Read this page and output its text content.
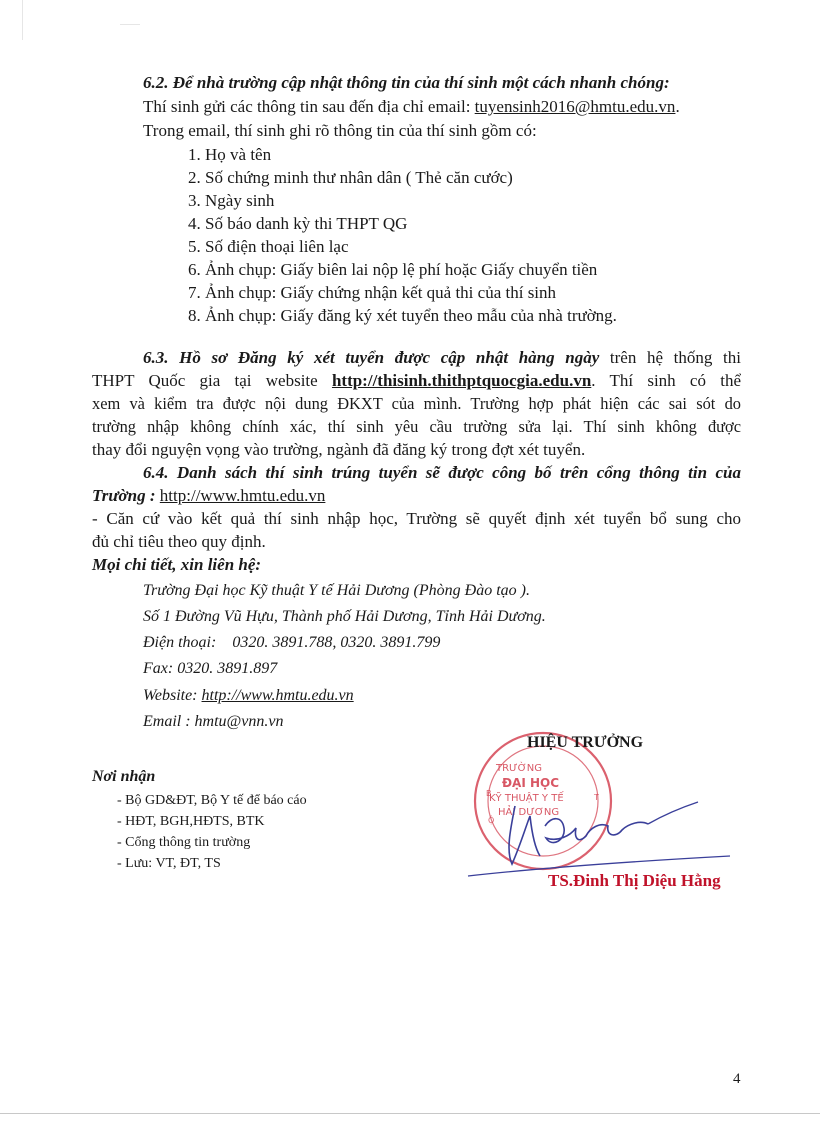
6.2. Để nhà trường cập nhật thông tin của thí sinh một cách nhanh chóng:
Thí sinh gửi các thông tin sau đến địa chỉ email: tuyensinh2016@hmtu.edu.vn.
Trong email, thí sinh ghi rõ thông tin của thí sinh gồm có:
1. Họ và tên
2. Số chứng minh thư nhân dân ( Thẻ căn cước)
3. Ngày sinh
4. Số báo danh kỳ thi THPT QG
5. Số điện thoại liên lạc
6. Ảnh chụp: Giấy biên lai nộp lệ phí hoặc Giấy chuyển tiền
7. Ảnh chụp: Giấy chứng nhận kết quả thi của thí sinh
8. Ảnh chụp: Giấy đăng ký xét tuyển theo mẫu của nhà trường.
6.3. Hồ sơ Đăng ký xét tuyển được cập nhật hàng ngày trên hệ thống thi
THPT Quốc gia tại website http://thisinh.thithptquocgia.edu.vn. Thí sinh có thể
xem và kiểm tra được nội dung ĐKXT của mình. Trường hợp phát hiện các sai sót do
trường nhập không chính xác, thí sinh yêu cầu trường sửa lại. Thí sinh không được
thay đổi nguyện vọng vào trường, ngành đã đăng ký trong đợt xét tuyển.
6.4. Danh sách thí sinh trúng tuyển sẽ được công bố trên cổng thông tin của
Trường : http://www.hmtu.edu.vn
- Căn cứ vào kết quả thí sinh nhập học, Trường sẽ quyết định xét tuyển bổ sung cho
đủ chỉ tiêu theo quy định.
Mọi chi tiết, xin liên hệ:
Trường Đại học Kỹ thuật Y tế Hải Dương (Phòng Đào tạo ).
Số 1 Đường Vũ Hựu, Thành phố Hải Dương, Tỉnh Hải Dương.
Điện thoại: 0320. 3891.788, 0320. 3891.799
Fax: 0320. 3891.897
Website: http://www.hmtu.edu.vn
Email : hmtu@vnn.vn
Nơi nhận
- Bộ GD&ĐT, Bộ Y tế để báo cáo
- HĐT, BGH,HĐTS, BTK
- Cổng thông tin trường
- Lưu: VT, ĐT, TS
B
Ộ
T
TRƯỜNG
ĐẠI HỌC
KỸ THUẬT Y TẾ
HẢI DƯƠNG
HIỆU TRƯỞNG
TS.Đinh Thị Diệu Hằng
4
